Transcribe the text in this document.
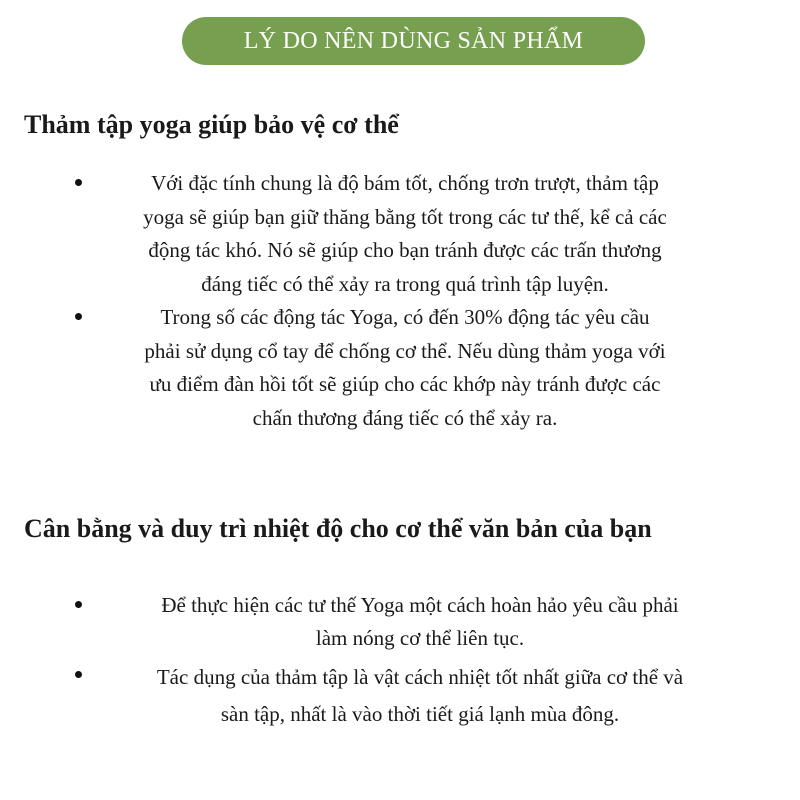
LÝ DO NÊN DÙNG SẢN PHẨM
Thảm tập yoga giúp bảo vệ cơ thể
Với đặc tính chung là độ bám tốt, chống trơn trượt, thảm tập
yoga sẽ giúp bạn giữ thăng bằng tốt trong các tư thế, kể cả các
động tác khó. Nó sẽ giúp cho bạn tránh được các trấn thương
đáng tiếc có thể xảy ra trong quá trình tập luyện.
Trong số các động tác Yoga, có đến 30% động tác yêu cầu
phải sử dụng cổ tay để chống cơ thể. Nếu dùng thảm yoga với
ưu điểm đàn hồi tốt sẽ giúp cho các khớp này tránh được các
chấn thương đáng tiếc có thể xảy ra.
Cân bằng và duy trì nhiệt độ cho cơ thể văn bản của bạn
Để thực hiện các tư thế Yoga một cách hoàn hảo yêu cầu phải
làm nóng cơ thể liên tục.
Tác dụng của thảm tập là vật cách nhiệt tốt nhất giữa cơ thể và
sàn tập, nhất là vào thời tiết giá lạnh mùa đông.
